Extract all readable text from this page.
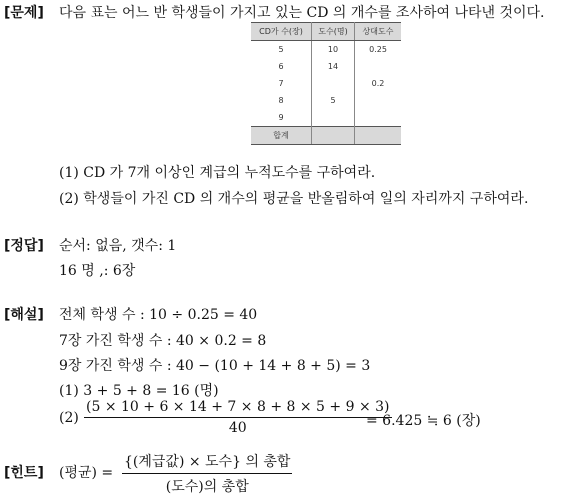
[문제] 다음 표는 어느 반 학생들이 가지고 있는 CD 의 개수를 조사하여 나타낸 것이다.
CD가 수(장)	도수(명)	상대도수
5	10	0.25
6	14	
7		0.2
8	5	
9		
합계		
(1) CD 가 7개 이상인 계급의 누적도수를 구하여라.
(2) 학생들이 가진 CD 의 개수의 평균을 반올림하여 일의 자리까지 구하여라.
[정답] 순서: 없음, 갯수: 1
16 명 ,: 6장
[해설] 전체 학생 수 : 10 ÷ 0.25 = 40
7장 가진 학생 수 : 40 × 0.2 = 8
9장 가진 학생 수 : 40 − (10 + 14 + 8 + 5) = 3
(1) 3 + 5 + 8 = 16 (명)
$(2) \frac{(5 \times 10 + 6 \times 14 + 7 \times 8 + 8 \times 5 + 9 \times 3)}{40}$
= 6.425 ≒ 6 (장)
[힌트] (평균) =
{(계급값) × 도수} 의 총합
(도수)의 총합
